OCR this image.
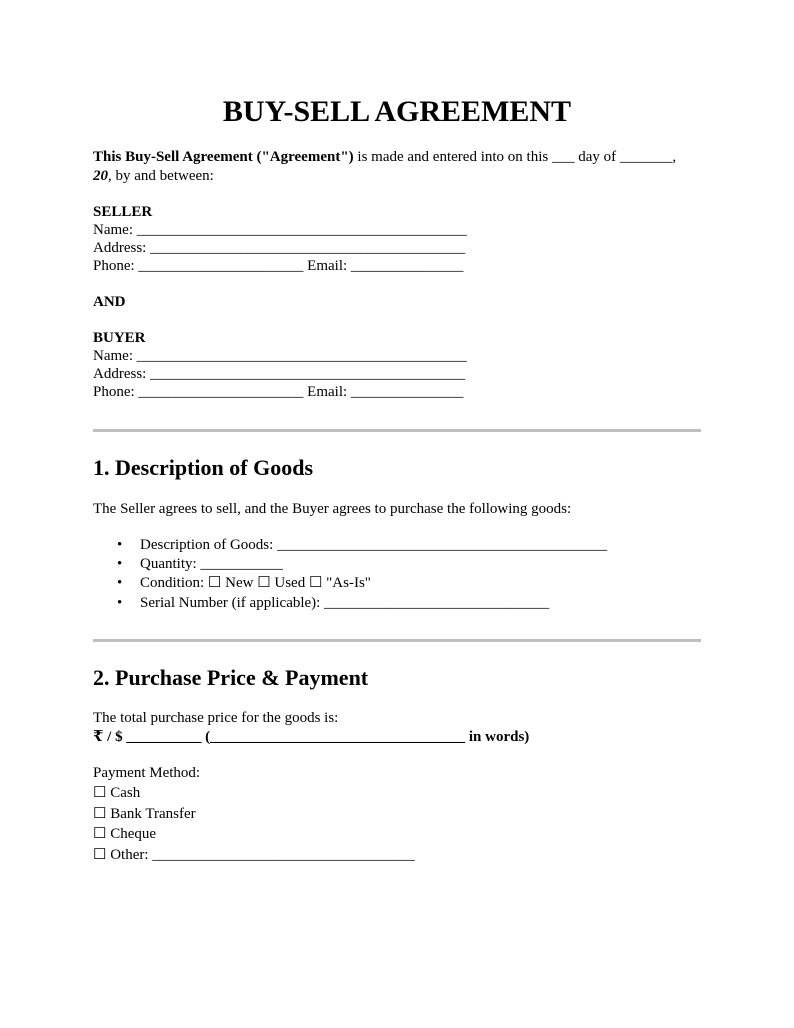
BUY-SELL AGREEMENT
This Buy-Sell Agreement ("Agreement") is made and entered into on this ___ day of _______,
20, by and between:
SELLER
Name: ____________________________________________
Address: __________________________________________
Phone: ______________________ Email: _______________
AND
BUYER
Name: ____________________________________________
Address: __________________________________________
Phone: ______________________ Email: _______________
1. Description of Goods
The Seller agrees to sell, and the Buyer agrees to purchase the following goods:
• Description of Goods: ____________________________________________
• Quantity: ___________
• Condition: ☐ New ☐ Used ☐ "As-Is"
• Serial Number (if applicable): ______________________________
2. Purchase Price & Payment
The total purchase price for the goods is:
₹ / $ __________ (__________________________________ in words)
Payment Method:
☐ Cash
☐ Bank Transfer
☐ Cheque
☐ Other: ___________________________________
